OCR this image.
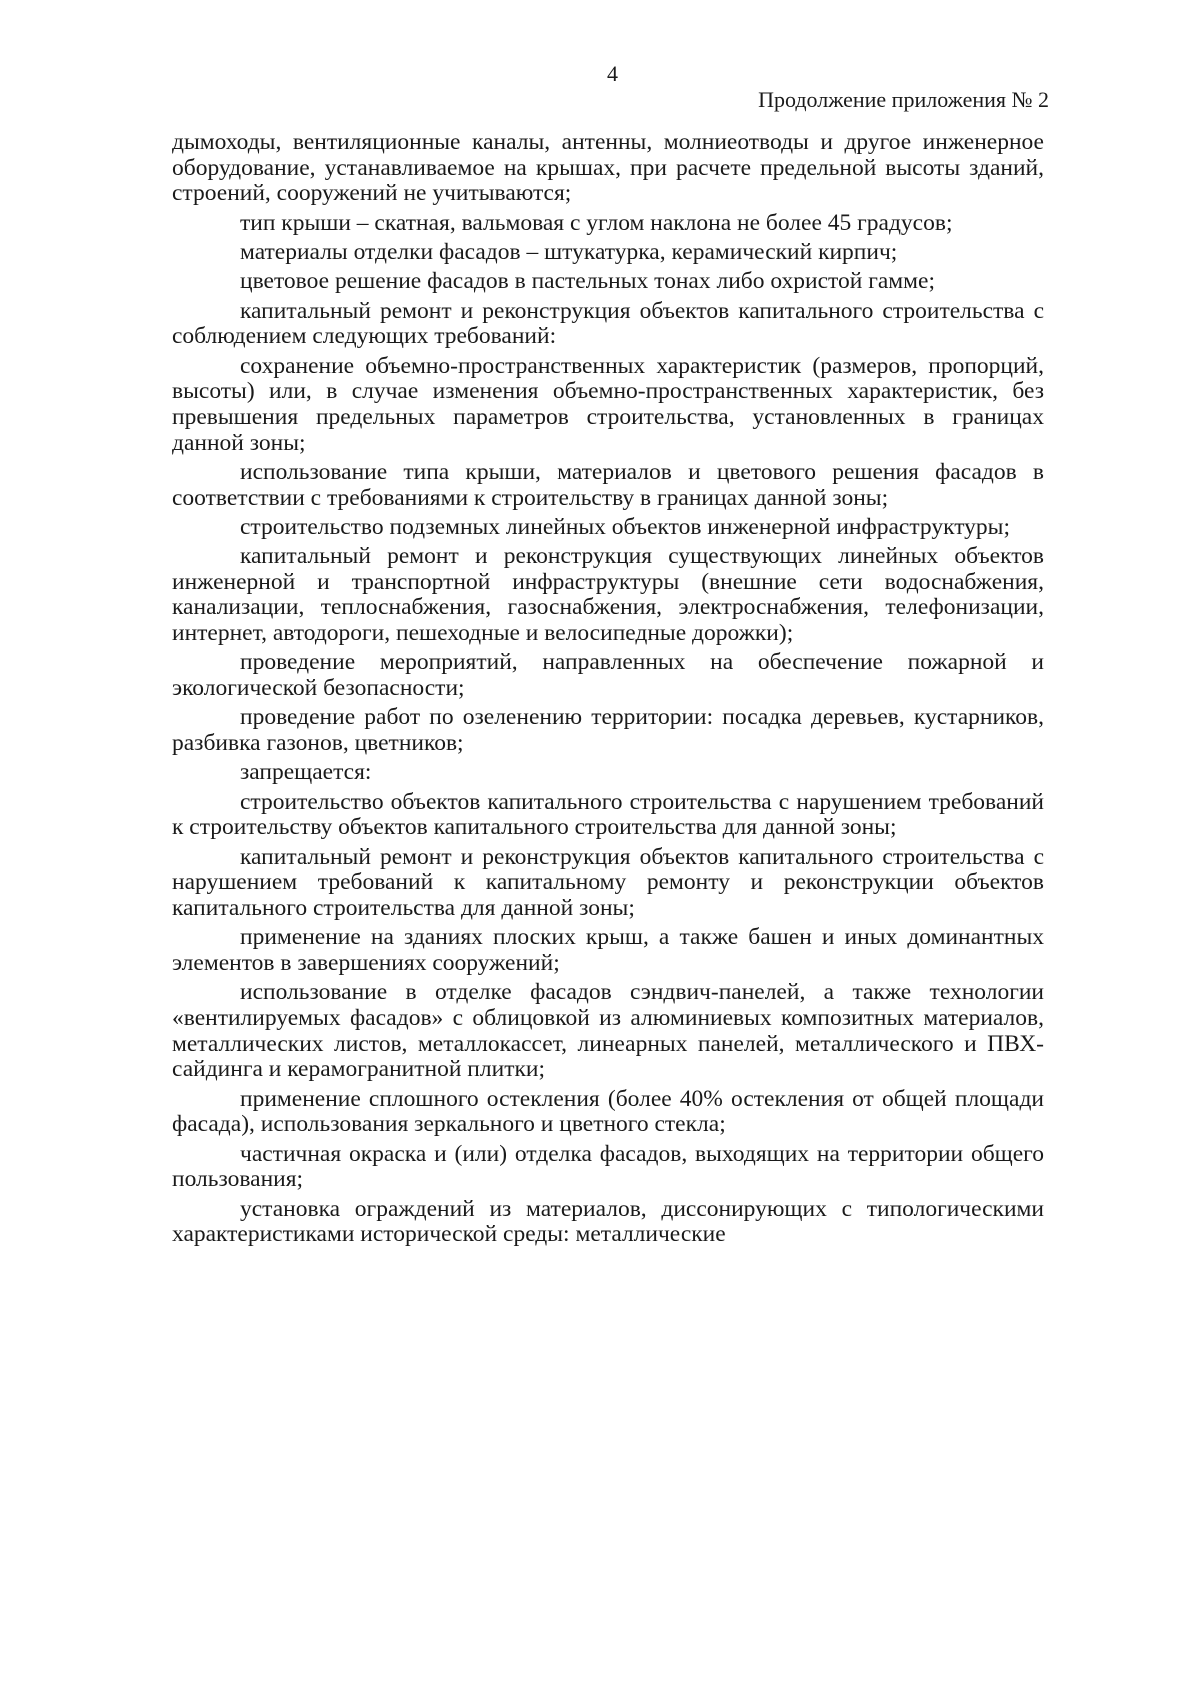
4
Продолжение приложения № 2

дымоходы, вентиляционные каналы, антенны, молниеотводы и другое инженерное оборудование, устанавливаемое на крышах, при расчете предельной высоты зданий, строений, сооружений не учитываются;

тип крыши – скатная, вальмовая с углом наклона не более 45 градусов;

материалы отделки фасадов – штукатурка, керамический кирпич;

цветовое решение фасадов в пастельных тонах либо охристой гамме;

капитальный ремонт и реконструкция объектов капитального строительства с соблюдением следующих требований:

сохранение объемно-пространственных характеристик (размеров, пропорций, высоты) или, в случае изменения объемно-пространственных характеристик, без превышения предельных параметров строительства, установленных в границах данной зоны;

использование типа крыши, материалов и цветового решения фасадов в соответствии с требованиями к строительству в границах данной зоны;

строительство подземных линейных объектов инженерной инфраструктуры;

капитальный ремонт и реконструкция существующих линейных объектов инженерной и транспортной инфраструктуры (внешние сети водоснабжения, канализации, теплоснабжения, газоснабжения, электроснабжения, телефонизации, интернет, автодороги, пешеходные и велосипедные дорожки);

проведение мероприятий, направленных на обеспечение пожарной и экологической безопасности;

проведение работ по озеленению территории: посадка деревьев, кустарников, разбивка газонов, цветников;

запрещается:

строительство объектов капитального строительства с нарушением требований к строительству объектов капитального строительства для данной зоны;

капитальный ремонт и реконструкция объектов капитального строительства с нарушением требований к капитальному ремонту и реконструкции объектов капитального строительства для данной зоны;

применение на зданиях плоских крыш, а также башен и иных доминантных элементов в завершениях сооружений;

использование в отделке фасадов сэндвич-панелей, а также технологии «вентилируемых фасадов» с облицовкой из алюминиевых композитных материалов, металлических листов, металлокассет, линеарных панелей, металлического и ПВХ-сайдинга и керамогранитной плитки;

применение сплошного остекления (более 40% остекления от общей площади фасада), использования зеркального и цветного стекла;

частичная окраска и (или) отделка фасадов, выходящих на территории общего пользования;

установка ограждений из материалов, диссонирующих с типологическими характеристиками исторической среды: металлические
